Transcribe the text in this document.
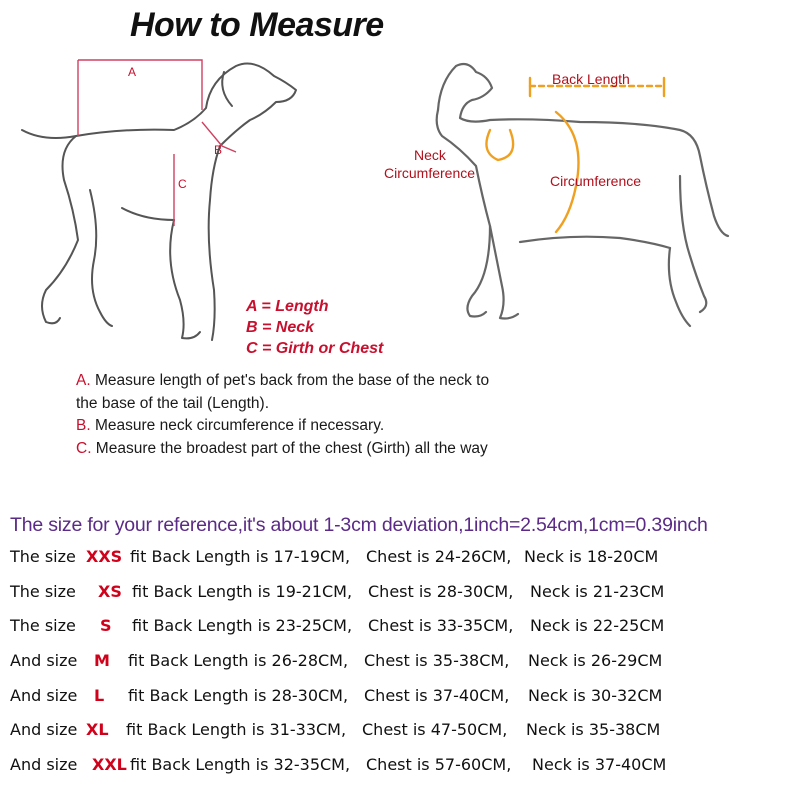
How to Measure
A
B
C
Back Length
Neck
Circumference	Circumference
A = Length
B = Neck
C = Girth or Chest
A. Measure length of pet's back from the base of the neck to
the base of the tail (Length).
B. Measure neck circumference if necessary.
C. Measure the broadest part of the chest (Girth) all the way
The size for your reference,it's about 1-3cm deviation,1inch=2.54cm,1cm=0.39inch
The size XXS fit Back Length is 17-19CM, Chest is 24-26CM, Neck is 18-20CM
The size XS fit Back Length is 19-21CM, Chest is 28-30CM, Neck is 21-23CM
The size S fit Back Length is 23-25CM, Chest is 33-35CM, Neck is 22-25CM
And size M fit Back Length is 26-28CM, Chest is 35-38CM, Neck is 26-29CM
And size L fit Back Length is 28-30CM, Chest is 37-40CM, Neck is 30-32CM
And size XL fit Back Length is 31-33CM, Chest is 47-50CM, Neck is 35-38CM
And size XXL fit Back Length is 32-35CM, Chest is 57-60CM, Neck is 37-40CM
